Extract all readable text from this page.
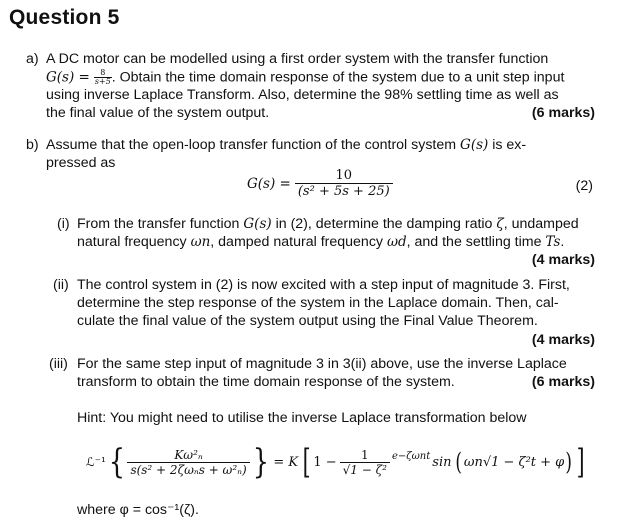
Question 5
a) A DC motor can be modelled using a first order system with the transfer function
$G(s) = \frac{8}{s+5}$ . Obtain the time domain response of the system due to a unit step input
using inverse Laplace Transform. Also, determine the 98% settling time as well as
the final value of the system output.	(6 marks)
b) Assume that the open-loop transfer function of the control system G(s) is ex-
pressed as
$G(s) = \frac{10}{\text{(s² + 5s + 25)}}$	(2)
(i) From the transfer function G(s) in (2), determine the damping ratio ζ, undamped
natural frequency ωn, damped natural frequency ωd, and the settling time Ts.
(4 marks)
(ii) The control system in (2) is now excited with a step input of magnitude 3. First,
determine the step response of the system in the Laplace domain. Then, cal-
culate the final value of the system output using the Final Value Theorem.
(4 marks)
(iii) For the same step input of magnitude 3 in 3(ii) above, use the inverse Laplace
transform to obtain the time domain response of the system.	(6 marks)
Hint: You might need to utilise the inverse Laplace transformation below
ℒ⁻¹ { $\frac{\text{Kω²ₙ}}{\text{s(s² + 2ζωₙs + ω²ₙ)}}$ } = K [ $1 - \frac{1}{\text{√1 − ζ²}} e-\zeta\omega nt$ sin ( ωn√1 − ζ²t + φ ) ]
where φ = cos⁻¹(ζ).
